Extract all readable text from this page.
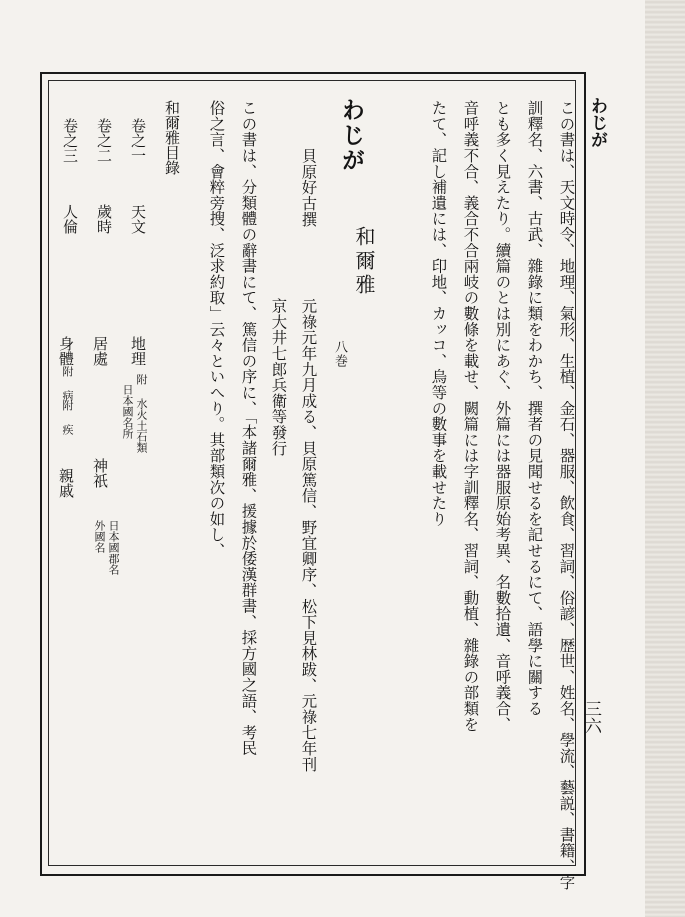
わじが
三六
この書は、天文時令、地理、氣形、生植、金石、器服、飲食、習詞、俗諺、歴世、姓名、學流、藝説、書籍、字
訓釋名、六書、古武、雜錄に類をわかち、撰者の見聞せるを記せるにて、語學に關する
とも多く見えたり。續篇のとは別にあぐ、外篇には器服原始考異、名數拾遺、音呼義合、
音呼義不合、義合不合兩岐の數條を載せ、闕篇には字訓釋名、習詞、動植、雜錄の部類を
たて、記し補遺には、印地、カッコ、烏等の數事を載せたり
わじが
和爾雅
八巻
元祿元年九月成る、貝原篤信、野宜卿序、松下見林跋、元祿七年刊
京大井七郎兵衛等發行
貝原好古撰
この書は、分類體の辭書にて、篤信の序に、「本諸爾雅、援據於倭漢群書、採方國之語、考民
俗之言、會粹旁搜、泛求約取」云々といへり。其部類次の如し、
和爾雅目錄
卷之一
天文
地理
附 水火土石類
日本國名所
日本國郡名
外國名
卷之二
歲時
居處
神祇
卷之三
人倫
身體
附 病
附 疾
親戚
